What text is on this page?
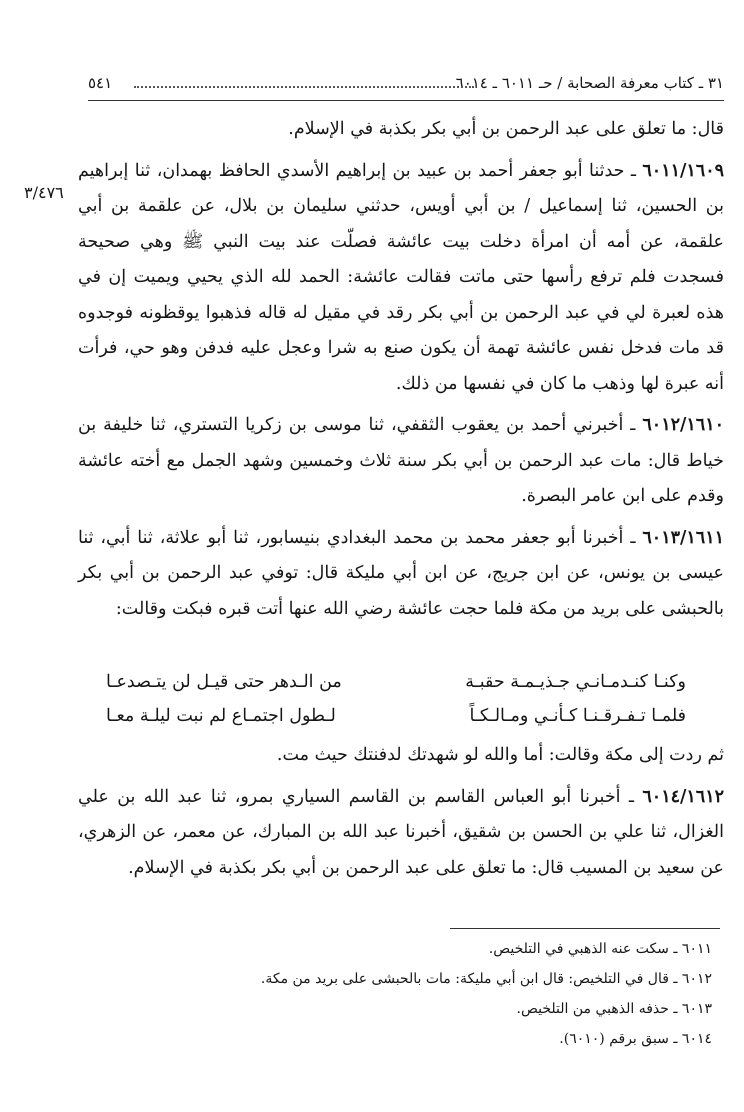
٣١ ـ كتاب معرفة الصحابة / حـ ٦٠١١ ـ ٦٠١٤
٥٤١
٣/٤٧٦

قال: ما تعلق على عبد الرحمن بن أبي بكر بكذبة في الإسلام.

٦٠١١/١٦٠٩ ـ حدثنا أبو جعفر أحمد بن عبيد بن إبراهيم الأسدي الحافظ بهمدان، ثنا إبراهيم بن الحسين، ثنا إسماعيل / بن أبي أويس، حدثني سليمان بن بلال، عن علقمة بن أبي علقمة، عن أمه أن امرأة دخلت بيت عائشة فصلّت عند بيت النبي ﷺ وهي صحيحة فسجدت فلم ترفع رأسها حتى ماتت فقالت عائشة: الحمد لله الذي يحيي ويميت إن في هذه لعبرة لي في عبد الرحمن بن أبي بكر رقد في مقيل له قاله فذهبوا يوقظونه فوجدوه قد مات فدخل نفس عائشة تهمة أن يكون صنع به شرا وعجل عليه فدفن وهو حي، فرأت أنه عبرة لها وذهب ما كان في نفسها من ذلك.

٦٠١٢/١٦١٠ ـ أخبرني أحمد بن يعقوب الثقفي، ثنا موسى بن زكريا التستري، ثنا خليفة بن خياط قال: مات عبد الرحمن بن أبي بكر سنة ثلاث وخمسين وشهد الجمل مع أخته عائشة وقدم على ابن عامر البصرة.

٦٠١٣/١٦١١ ـ أخبرنا أبو جعفر محمد بن محمد البغدادي بنيسابور، ثنا أبو علاثة، ثنا أبي، ثنا عيسى بن يونس، عن ابن جريج، عن ابن أبي مليكة قال: توفي عبد الرحمن بن أبي بكر بالحبشى على بريد من مكة فلما حجت عائشة رضي الله عنها أتت قبره فبكت وقالت:

وكنـا كنـدمـانـي جـذيـمـة حقبـة
من الـدهر حتى قيـل لن يتـصدعـا
فلمـا تـفـرقـنـا كـأنـي ومـالـكـاً
لـطول اجتمـاع لم نبت ليلـة معـا

ثم ردت إلى مكة وقالت: أما والله لو شهدتك لدفنتك حيث مت.

٦٠١٤/١٦١٢ ـ أخبرنا أبو العباس القاسم بن القاسم السياري بمرو، ثنا عبد الله بن علي الغزال، ثنا علي بن الحسن بن شقيق، أخبرنا عبد الله بن المبارك، عن معمر، عن الزهري، عن سعيد بن المسيب قال: ما تعلق على عبد الرحمن بن أبي بكر بكذبة في الإسلام.

٦٠١١ ـ سكت عنه الذهبي في التلخيص.
٦٠١٢ ـ قال في التلخيص: قال ابن أبي مليكة: مات بالحبشى على بريد من مكة.
٦٠١٣ ـ حذفه الذهبي من التلخيص.
٦٠١٤ ـ سبق برقم (٦٠١٠).
